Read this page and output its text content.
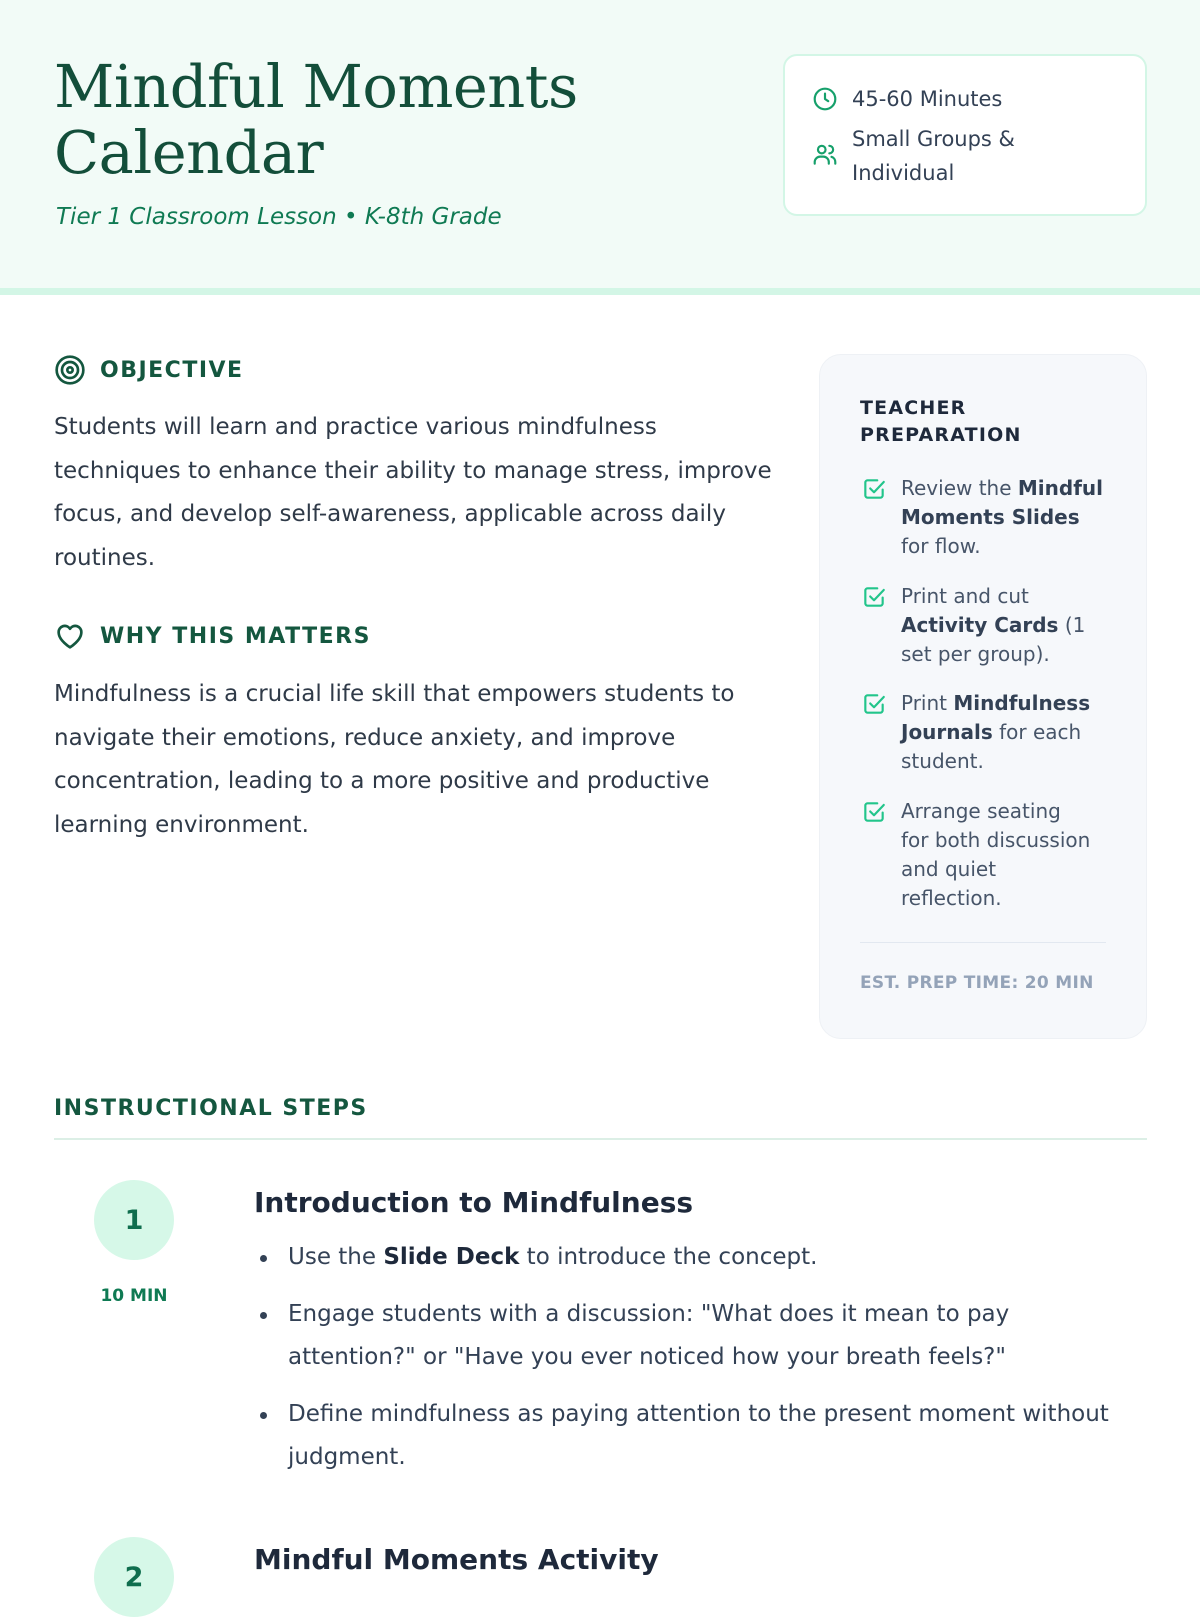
Mindful Moments Calendar

Tier 1 Classroom Lesson • K-8th Grade

45-60 Minutes
Small Groups & Individual
OBJECTIVE

Students will learn and practice various mindfulness techniques to enhance their ability to manage stress, improve focus, and develop self-awareness, applicable across daily routines.

WHY THIS MATTERS

Mindfulness is a crucial life skill that empowers students to navigate their emotions, reduce anxiety, and improve concentration, leading to a more positive and productive learning environment.

TEACHER PREPARATION

Review the Mindful Moments Slides for flow.
Print and cut Activity Cards (1 set per group).
Print Mindfulness Journals for each student.
Arrange seating for both discussion and quiet reflection.
EST. PREP TIME: 20 MIN
INSTRUCTIONAL STEPS
1
10 MIN
Introduction to Mindfulness
Use the Slide Deck to introduce the concept.
Engage students with a discussion: "What does it mean to pay attention?" or "Have you ever noticed how your breath feels?"
Define mindfulness as paying attention to the present moment without judgment.
2
Mindful Moments Activity
